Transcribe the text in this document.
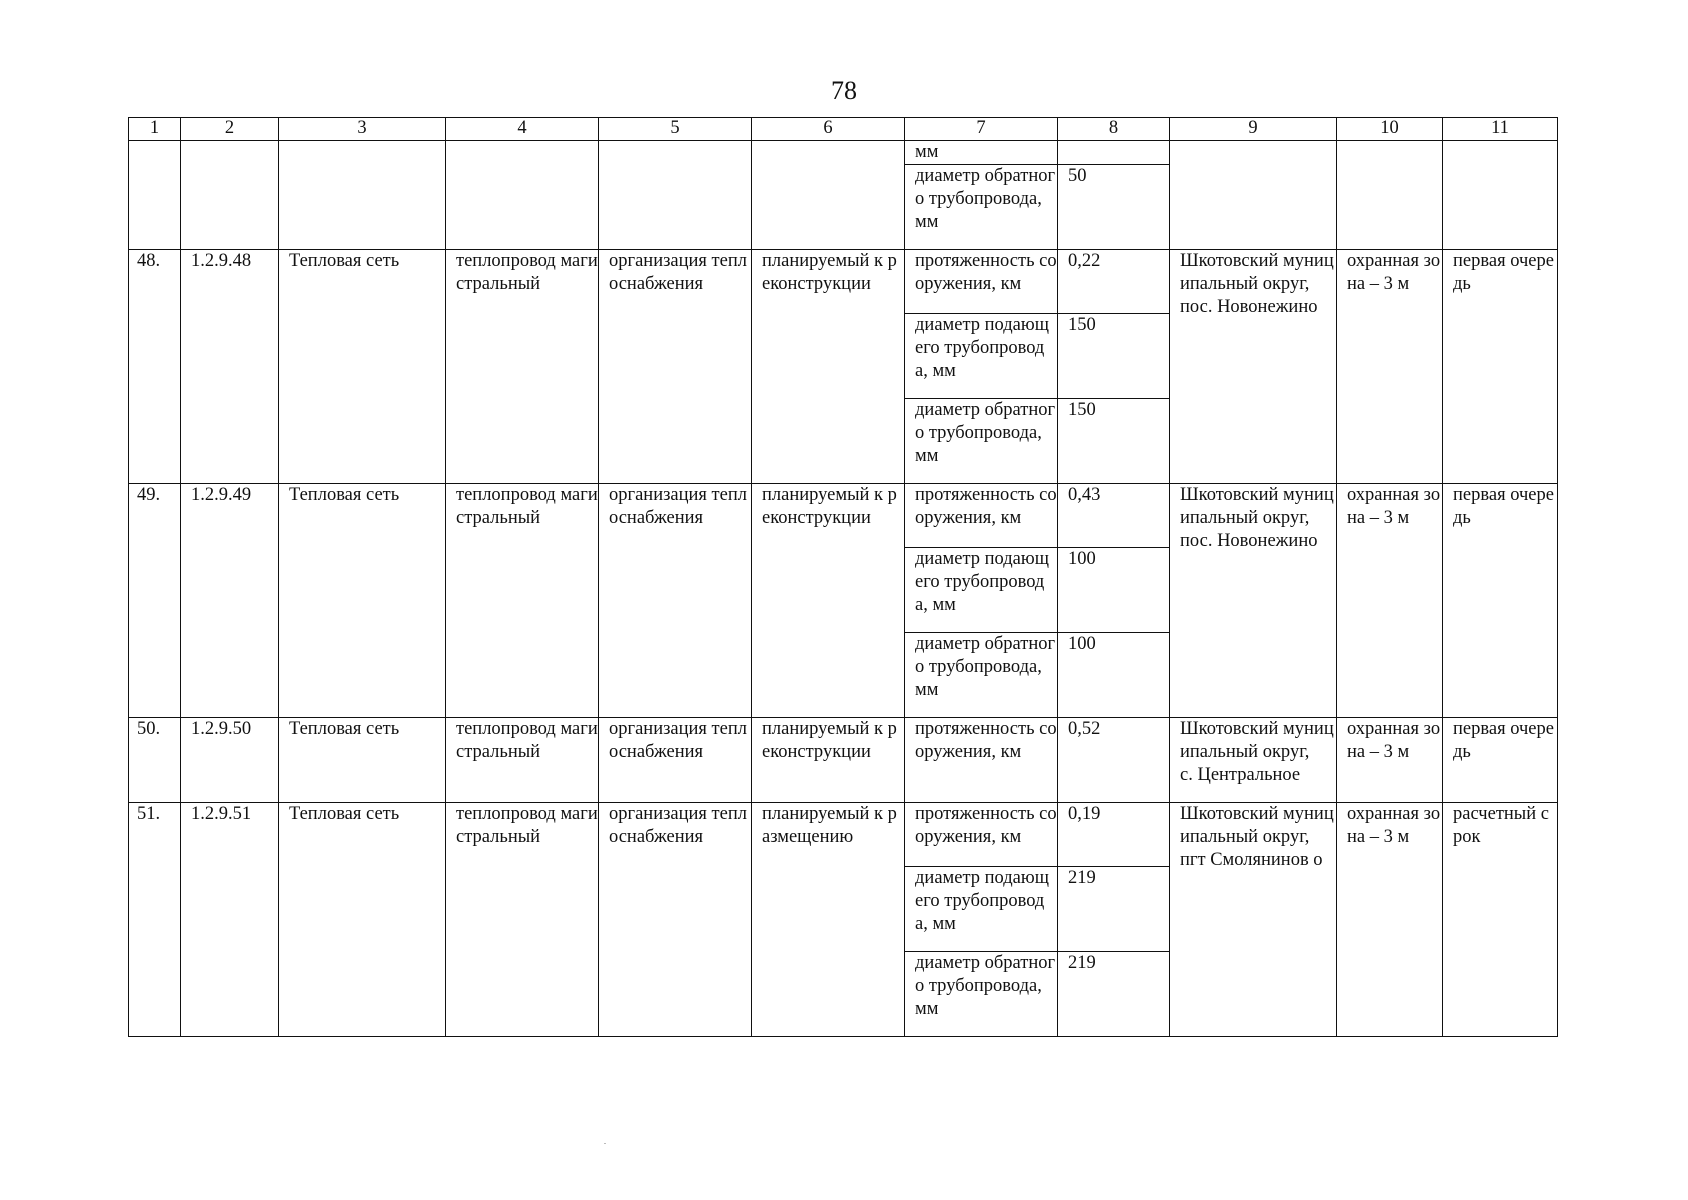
78
1	2	3	4	5	6	7	8	9	10	11

						мм				

						диаметр обратного трубопровода, мм	50			

48.	1.2.9.48	Тепловая сеть	теплопровод магистральный	организация теплоснабжения	планируемый к реконструкции	протяженность сооружения, км	0,22	Шкотовский муниципальный округ,
пос. Новонежино	охранная зона – 3 м	первая очередь

						диаметр подающего трубопровода, мм	150			

						диаметр обратного трубопровода, мм	150			

49.	1.2.9.49	Тепловая сеть	теплопровод магистральный	организация теплоснабжения	планируемый к реконструкции	протяженность сооружения, км	0,43	Шкотовский муниципальный округ,
пос. Новонежино	охранная зона – 3 м	первая очередь

						диаметр подающего трубопровода, мм	100			

						диаметр обратного трубопровода, мм	100			

50.	1.2.9.50	Тепловая сеть	теплопровод магистральный	организация теплоснабжения	планируемый к реконструкции	протяженность сооружения, км	0,52	Шкотовский муниципальный округ,
с. Центральное	охранная зона – 3 м	первая очередь

51.	1.2.9.51	Тепловая сеть	теплопровод магистральный	организация теплоснабжения	планируемый к размещению	протяженность сооружения, км	0,19	Шкотовский муниципальный округ,
пгт Смолянинов о	охранная зона – 3 м	расчетный срок

						диаметр подающего трубопровода, мм	219			

						диаметр обратного трубопровода, мм	219			
